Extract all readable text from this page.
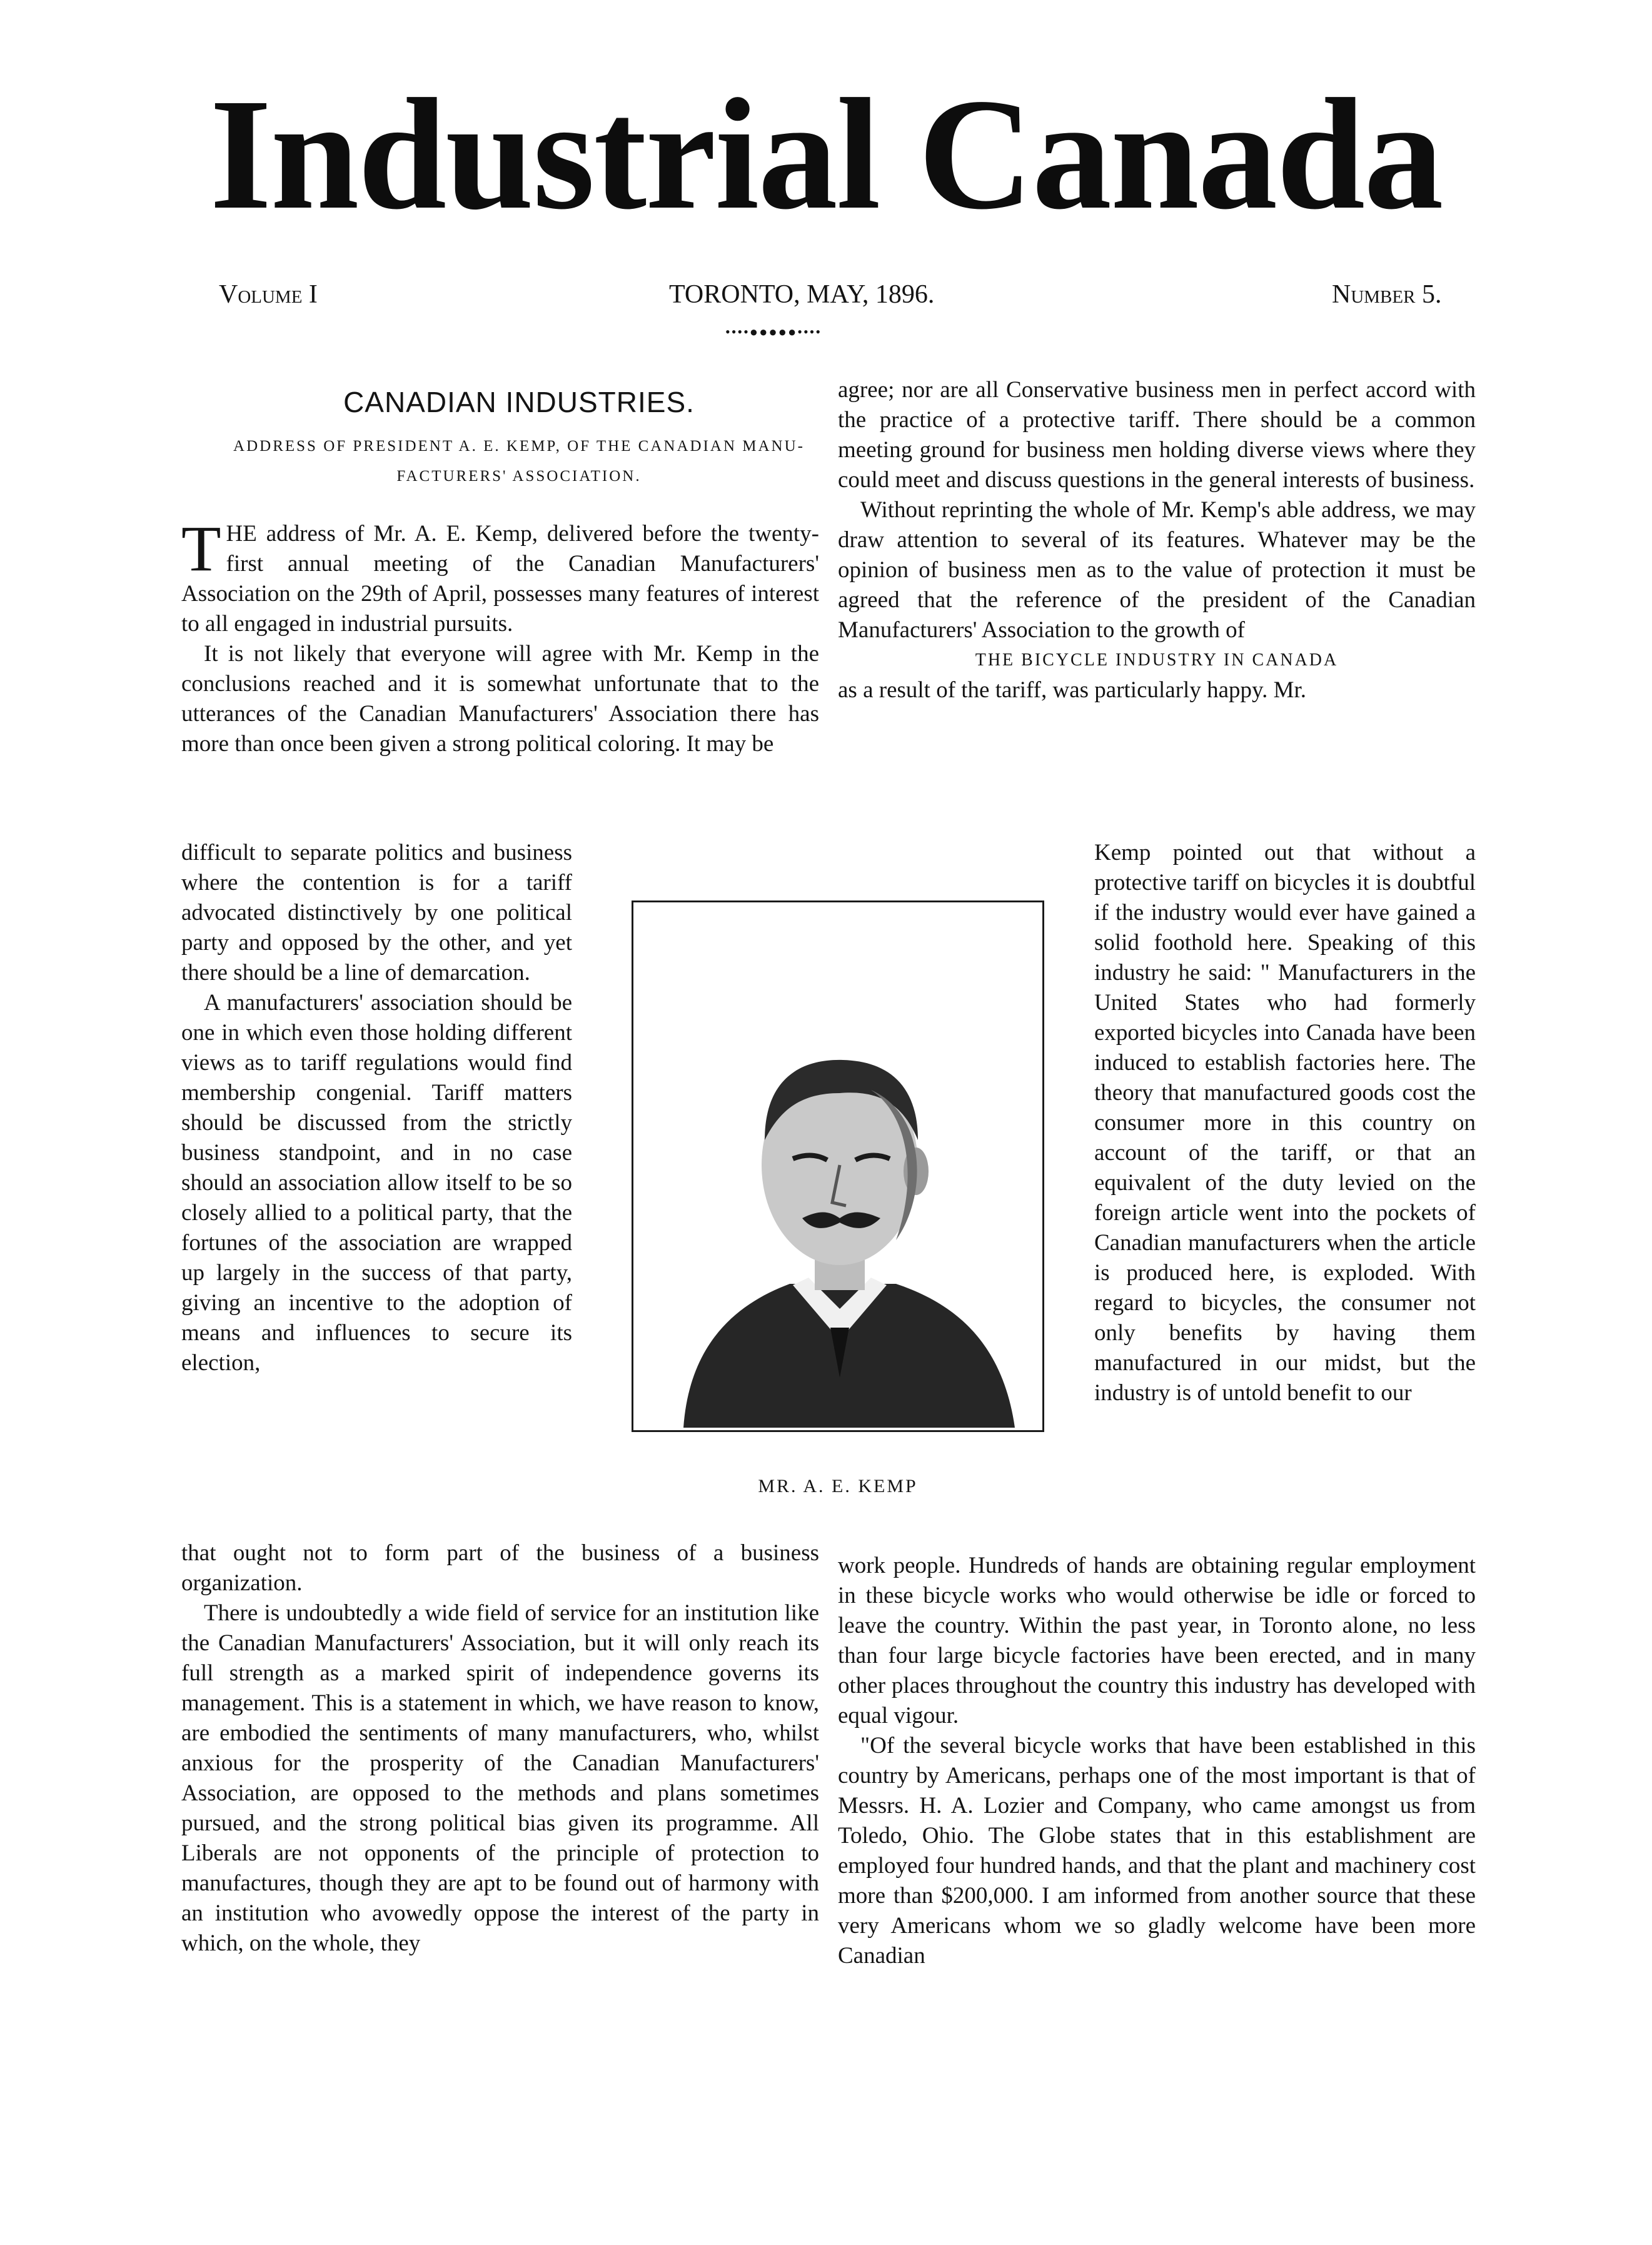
Industrial Canada
Volume I	TORONTO, MAY, 1896.	Number 5.
••••●●●●●••••
CANADIAN INDUSTRIES.
ADDRESS OF PRESIDENT A. E. KEMP, OF THE CANADIAN MANU-
FACTURERS' ASSOCIATION.

THE address of Mr. A. E. Kemp, delivered before the twenty-first annual meeting of the Canadian Manufacturers' Association on the 29th of April, possesses many features of interest to all engaged in industrial pursuits.

It is not likely that everyone will agree with Mr. Kemp in the conclusions reached and it is somewhat unfortunate that to the utterances of the Canadian Manufacturers' Association there has more than once been given a strong political coloring. It may be

difficult to separate politics and business where the contention is for a tariff advocated distinctively by one political party and opposed by the other, and yet there should be a line of demarcation.

A manufacturers' association should be one in which even those holding different views as to tariff regulations would find membership congenial. Tariff matters should be discussed from the strictly business standpoint, and in no case should an association allow itself to be so closely allied to a political party, that the fortunes of the association are wrapped up largely in the success of that party, giving an incentive to the adoption of means and influences to secure its election,

that ought not to form part of the business of a business organization.

There is undoubtedly a wide field of service for an institution like the Canadian Manufacturers' Association, but it will only reach its full strength as a marked spirit of independence governs its management. This is a statement in which, we have reason to know, are embodied the sentiments of many manufacturers, who, whilst anxious for the prosperity of the Canadian Manufacturers' Association, are opposed to the methods and plans sometimes pursued, and the strong political bias given its programme. All Liberals are not opponents of the principle of protection to manufactures, though they are apt to be found out of harmony with an institution who avowedly oppose the interest of the party in which, on the whole, they

agree; nor are all Conservative business men in perfect accord with the practice of a protective tariff. There should be a common meeting ground for business men holding diverse views where they could meet and discuss questions in the general interests of business.

Without reprinting the whole of Mr. Kemp's able address, we may draw attention to several of its features. Whatever may be the opinion of business men as to the value of protection it must be agreed that the reference of the president of the Canadian Manufacturers' Association to the growth of

THE BICYCLE INDUSTRY IN CANADA

as a result of the tariff, was particularly happy. Mr.

Kemp pointed out that without a protective tariff on bicycles it is doubtful if the industry would ever have gained a solid foothold here. Speaking of this industry he said: " Manufacturers in the United States who had formerly exported bicycles into Canada have been induced to establish factories here. The theory that manufactured goods cost the consumer more in this country on account of the tariff, or that an equivalent of the duty levied on the foreign article went into the pockets of Canadian manufacturers when the article is produced here, is exploded. With regard to bicycles, the consumer not only benefits by having them manufactured in our midst, but the industry is of untold benefit to our

work people. Hundreds of hands are obtaining regular employment in these bicycle works who would otherwise be idle or forced to leave the country. Within the past year, in Toronto alone, no less than four large bicycle factories have been erected, and in many other places throughout the country this industry has developed with equal vigour.

"Of the several bicycle works that have been established in this country by Americans, perhaps one of the most important is that of Messrs. H. A. Lozier and Company, who came amongst us from Toledo, Ohio. The Globe states that in this establishment are employed four hundred hands, and that the plant and machinery cost more than $200,000. I am informed from another source that these very Americans whom we so gladly welcome have been more Canadian

MR. A. E. KEMP
